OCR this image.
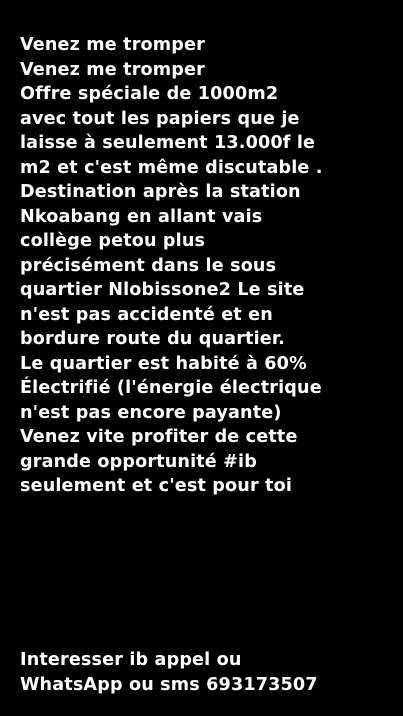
Venez me tromper
Venez me tromper
Offre spéciale de 1000m2
avec tout les papiers que je
laisse à seulement 13.000f le
m2 et c'est même discutable .
Destination après la station
Nkoabang en allant vais
collège petou plus
précisément dans le sous
quartier Nlobissone2 Le site
n'est pas accidenté et en
bordure route du quartier.
Le quartier est habité à 60%
Électrifié (l'énergie électrique
n'est pas encore payante)
Venez vite profiter de cette
grande opportunité #ib
seulement et c'est pour toi
Interesser ib appel ou
WhatsApp ou sms 693173507
